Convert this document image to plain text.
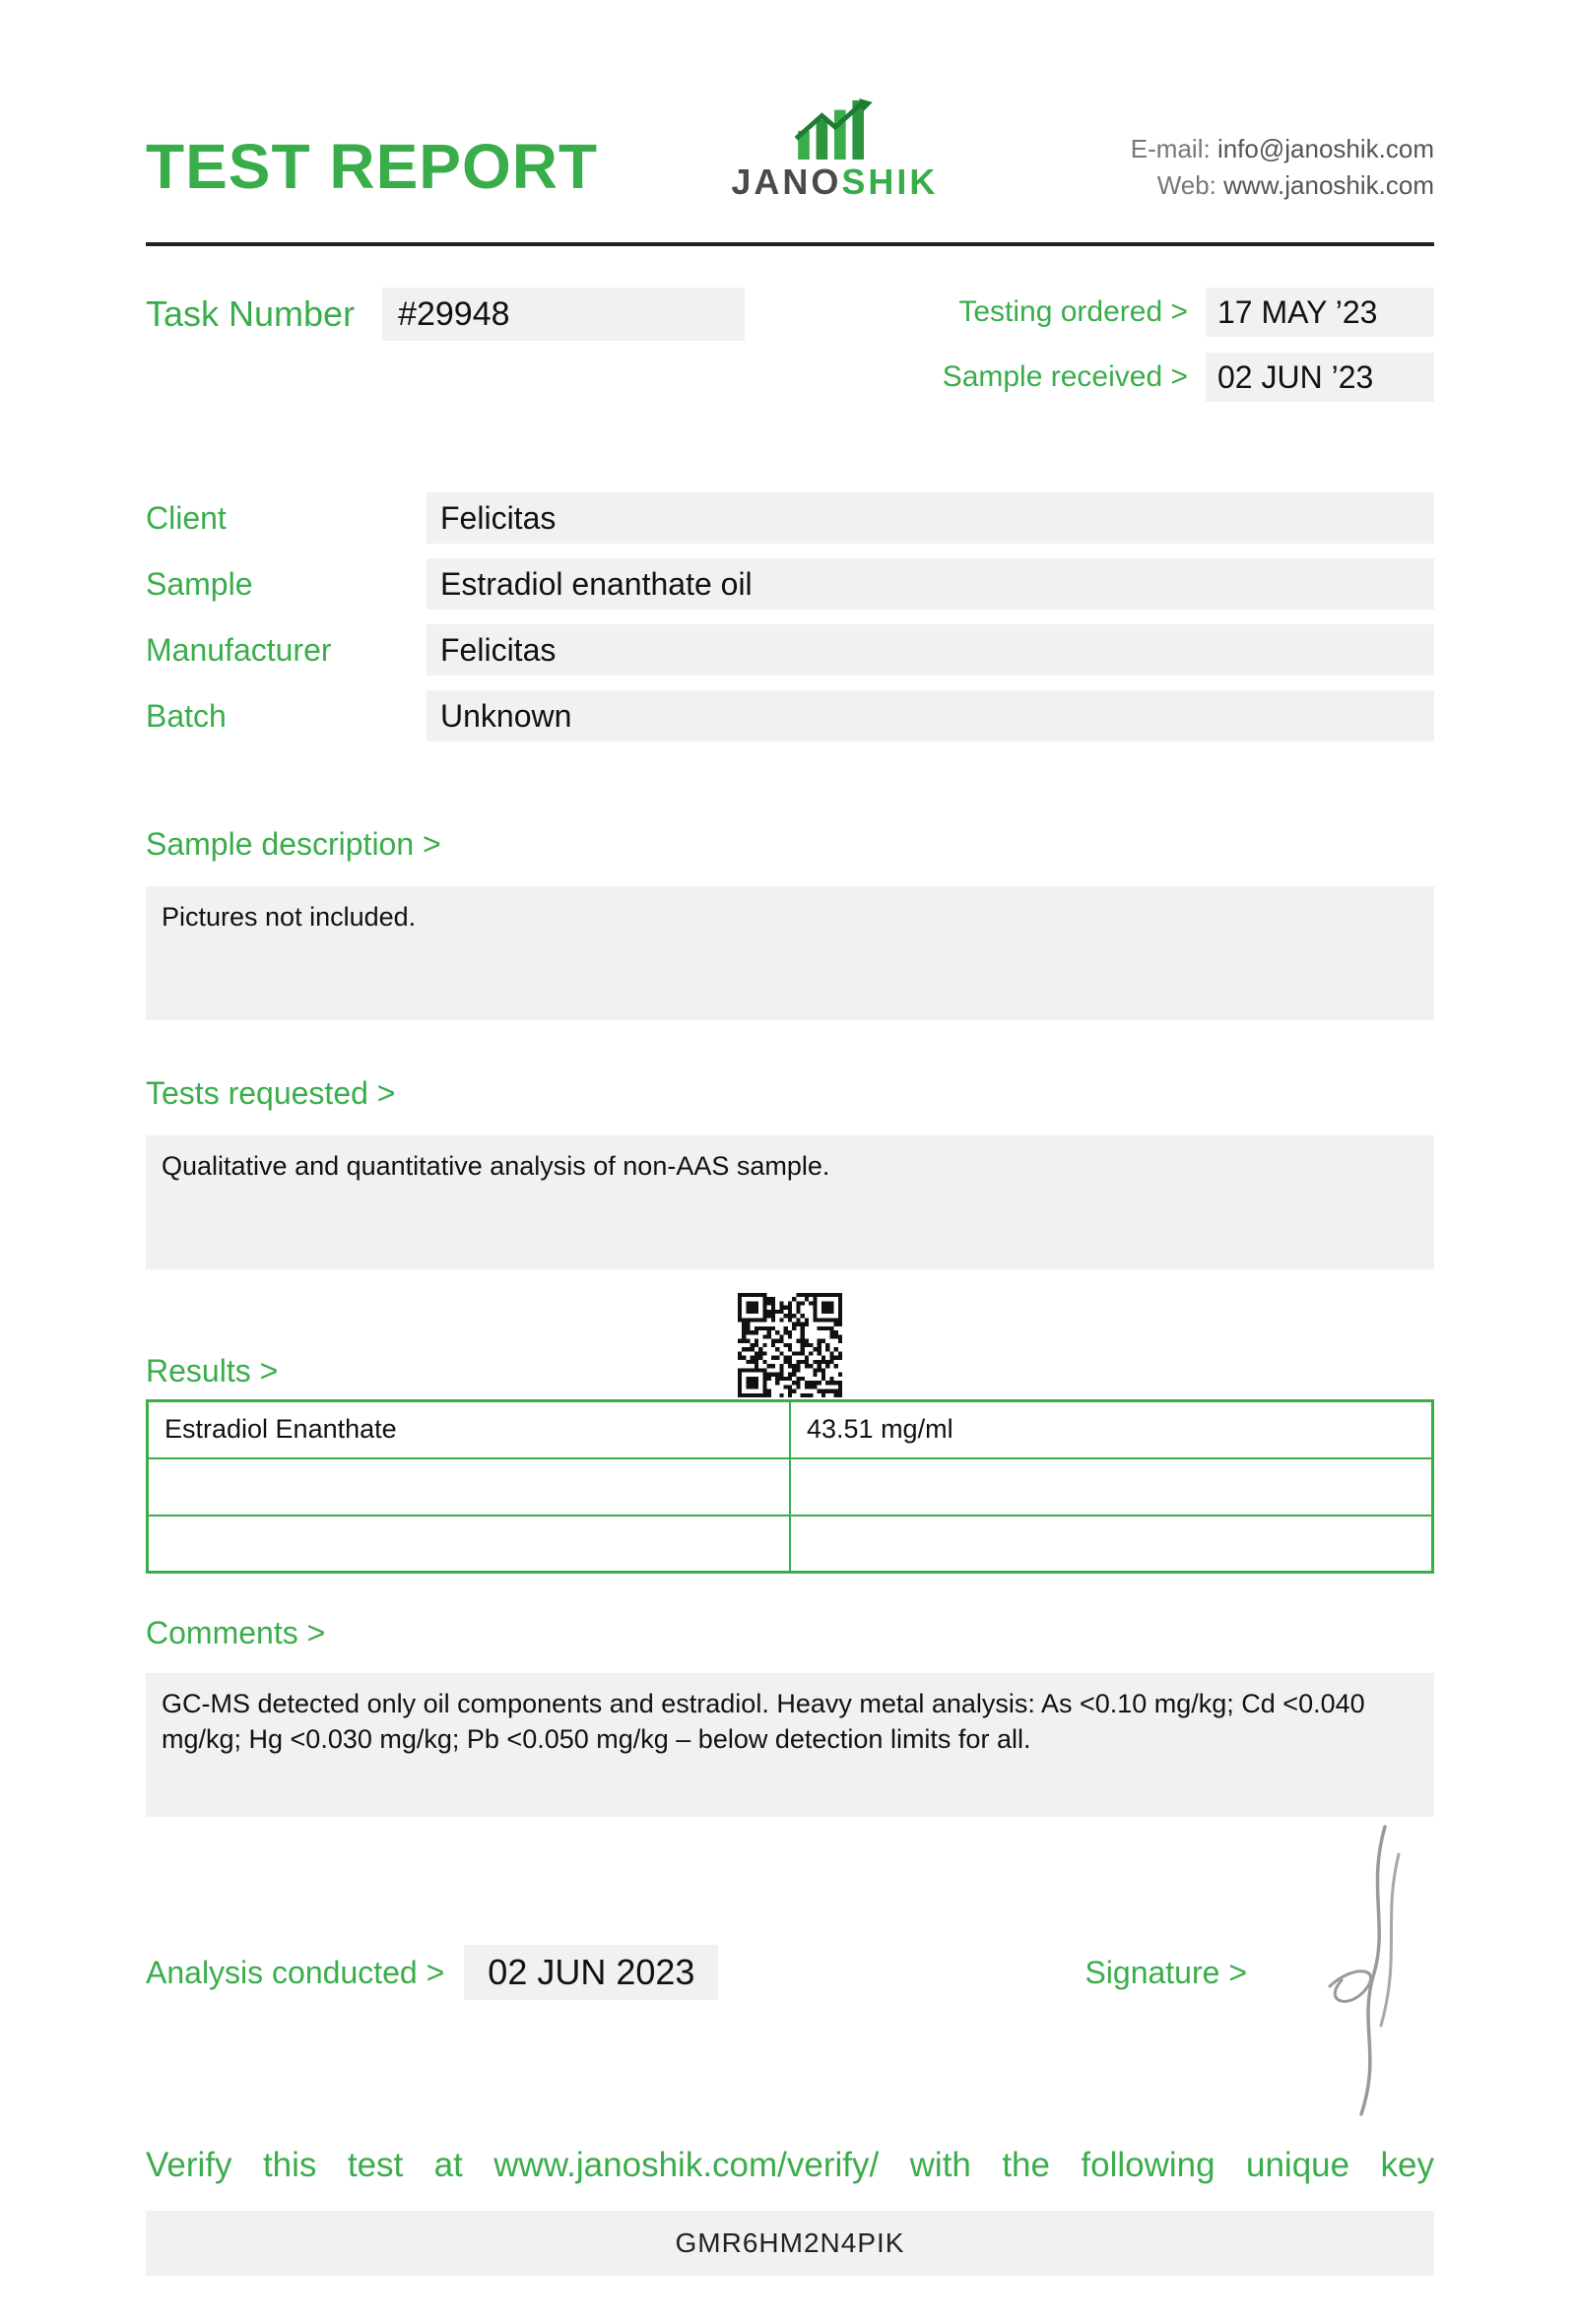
TEST REPORT	JANOSHIK
E-mail: info@janoshik.com
Web: www.janoshik.com
Task Number	#29948	Testing ordered > 17 MAY ’23
Sample received > 02 JUN ’23
Client	Felicitas
Sample	Estradiol enanthate oil
Manufacturer	Felicitas
Batch	Unknown
Sample description >
Pictures not included.
Tests requested >
Qualitative and quantitative analysis of non-AAS sample.
Results >
Estradiol Enanthate	43.51 mg/ml

Comments >
GC-MS detected only oil components and estradiol. Heavy metal analysis: As <0.10 mg/kg; Cd <0.040 mg/kg; Hg <0.030 mg/kg; Pb <0.050 mg/kg – below detection limits for all.
Analysis conducted >	02 JUN 2023	Signature >
Verify this test at www.janoshik.com/verify/ with the following unique key
GMR6HM2N4PIK
